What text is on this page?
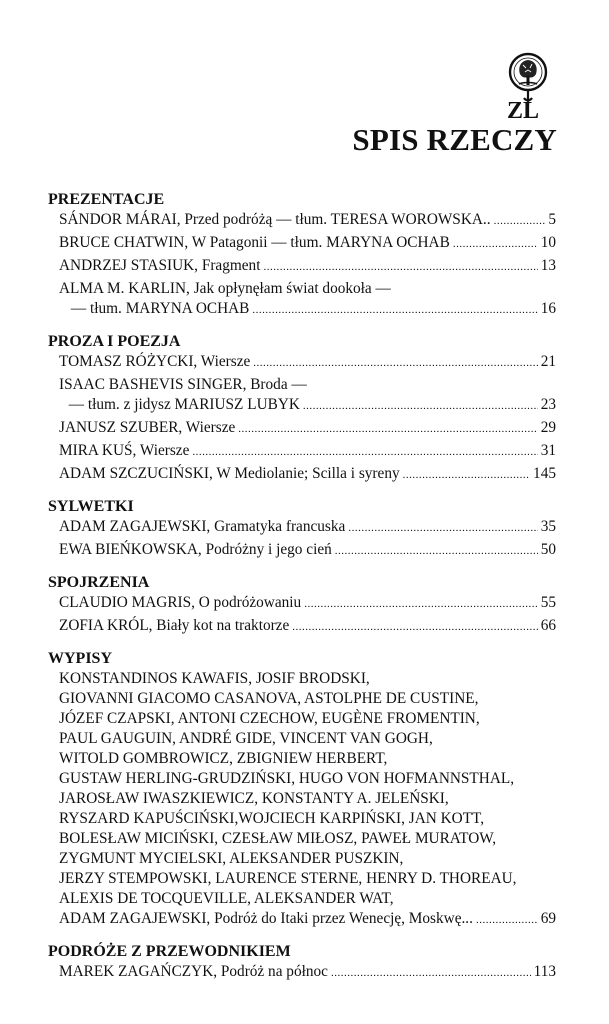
ZL
SPIS RZECZY
PREZENTACJE
SÁNDOR MÁRAI, Przed podróżą — tłum. TERESA WOROWSKA.. .....	5
BRUCE CHATWIN, W Patagonii — tłum. MARYNA OCHAB .....	10
ANDRZEJ STASIUK, Fragment .....	13
ALMA M. KARLIN, Jak opłynęłam świat dookoła —
— tłum. MARYNA OCHAB .....	16
PROZA I POEZJA
TOMASZ RÓŻYCKI, Wiersze .....	21
ISAAC BASHEVIS SINGER, Broda —
— tłum. z jidysz MARIUSZ LUBYK .....	23
JANUSZ SZUBER, Wiersze .....	29
MIRA KUŚ, Wiersze .....	31
ADAM SZCZUCIŃSKI, W Mediolanie; Scilla i syreny .....	145
SYLWETKI
ADAM ZAGAJEWSKI, Gramatyka francuska .....	35
EWA BIEŃKOWSKA, Podróżny i jego cień .....	50
SPOJRZENIA
CLAUDIO MAGRIS, O podróżowaniu .....	55
ZOFIA KRÓL, Biały kot na traktorze .....	66
WYPISY
KONSTANDINOS KAWAFIS, JOSIF BRODSKI,
GIOVANNI GIACOMO CASANOVA, ASTOLPHE DE CUSTINE,
JÓZEF CZAPSKI, ANTONI CZECHOW, EUGÈNE FROMENTIN,
PAUL GAUGUIN, ANDRÉ GIDE, VINCENT VAN GOGH,
WITOLD GOMBROWICZ, ZBIGNIEW HERBERT,
GUSTAW HERLING-GRUDZIŃSKI, HUGO VON HOFMANNSTHAL,
JAROSŁAW IWASZKIEWICZ, KONSTANTY A. JELEŃSKI,
RYSZARD KAPUŚCIŃSKI,WOJCIECH KARPIŃSKI, JAN KOTT,
BOLESŁAW MICIŃSKI, CZESŁAW MIŁOSZ, PAWEŁ MURATOW,
ZYGMUNT MYCIELSKI, ALEKSANDER PUSZKIN,
JERZY STEMPOWSKI, LAURENCE STERNE, HENRY D. THOREAU,
ALEXIS DE TOCQUEVILLE, ALEKSANDER WAT,
ADAM ZAGAJEWSKI, Podróż do Itaki przez Wenecję, Moskwę... .....	69
PODRÓŻE Z PRZEWODNIKIEM
MAREK ZAGAŃCZYK, Podróż na północ .....	113
